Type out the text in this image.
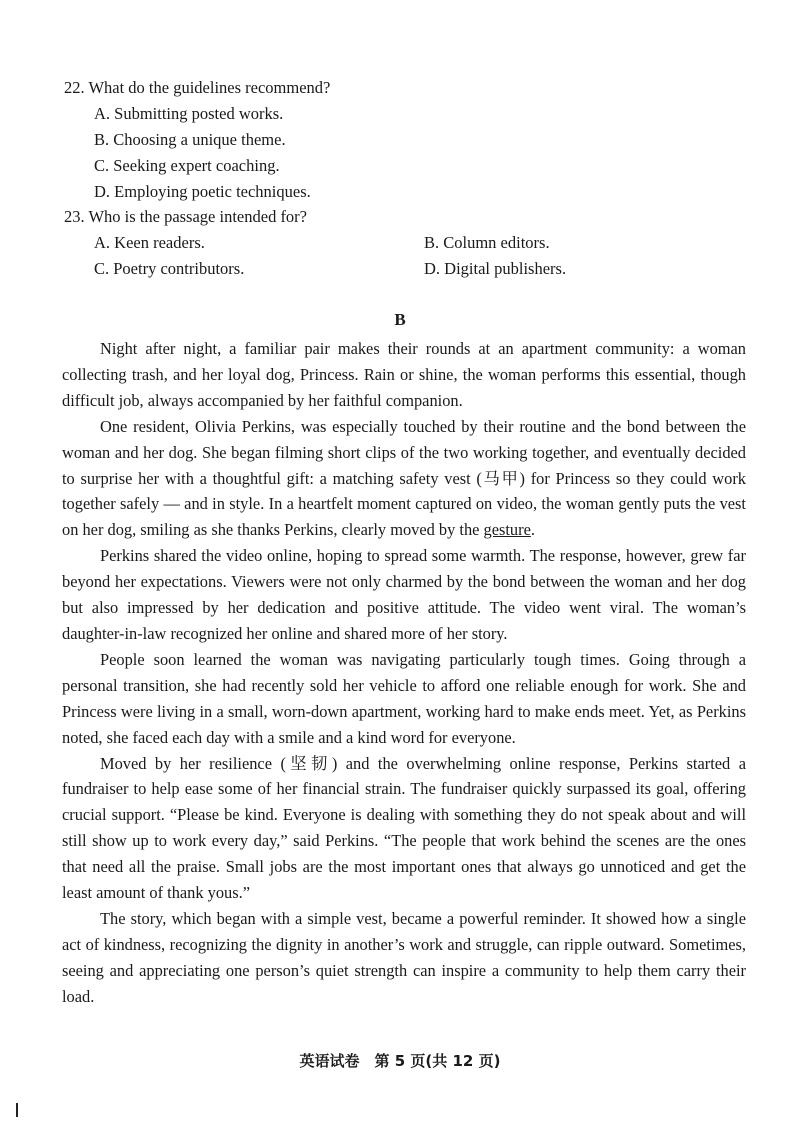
22. What do the guidelines recommend?
A. Submitting posted works.
B. Choosing a unique theme.
C. Seeking expert coaching.
D. Employing poetic techniques.
23. Who is the passage intended for?
A. Keen readers.	B. Column editors.
C. Poetry contributors.	D. Digital publishers.
B

Night after night, a familiar pair makes their rounds at an apartment community: a woman collecting trash, and her loyal dog, Princess. Rain or shine, the woman performs this essential, though difficult job, always accompanied by her faithful companion.

One resident, Olivia Perkins, was especially touched by their routine and the bond between the woman and her dog. She began filming short clips of the two working together, and eventually decided to surprise her with a thoughtful gift: a matching safety vest (马甲) for Princess so they could work together safely — and in style. In a heartfelt moment captured on video, the woman gently puts the vest on her dog, smiling as she thanks Perkins, clearly moved by the gesture.

Perkins shared the video online, hoping to spread some warmth. The response, however, grew far beyond her expectations. Viewers were not only charmed by the bond between the woman and her dog but also impressed by her dedication and positive attitude. The video went viral. The woman’s daughter-in-law recognized her online and shared more of her story.

People soon learned the woman was navigating particularly tough times. Going through a personal transition, she had recently sold her vehicle to afford one reliable enough for work. She and Princess were living in a small, worn-down apartment, working hard to make ends meet. Yet, as Perkins noted, she faced each day with a smile and a kind word for everyone.

Moved by her resilience (坚韧) and the overwhelming online response, Perkins started a fundraiser to help ease some of her financial strain. The fundraiser quickly surpassed its goal, offering crucial support. “Please be kind. Everyone is dealing with something they do not speak about and will still show up to work every day,” said Perkins. “The people that work behind the scenes are the ones that need all the praise. Small jobs are the most important ones that always go unnoticed and get the least amount of thank yous.”

The story, which began with a simple vest, became a powerful reminder. It showed how a single act of kindness, recognizing the dignity in another’s work and struggle, can ripple outward. Sometimes, seeing and appreciating one person’s quiet strength can inspire a community to help them carry their load.

英语试卷　第 5 页(共 12 页)
